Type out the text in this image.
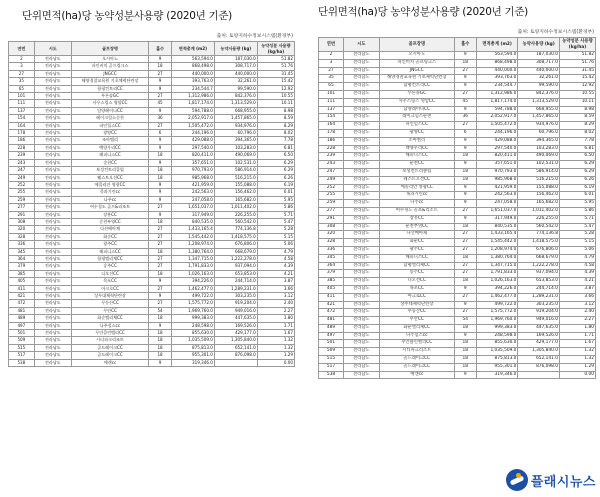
단위면적(ha)당 농약성분사용량 (2020년 기준)
출처: 토양지하수정보시스템(환경부)
연번	시도	골프장명	홀수	면적총계 (m2)	농약사용량 (kg)	농약성분 사용량(kg/ha)
2	전라남도	오시아노	9	563,594.0	187,030.0	51.82
3	전라남도	파인비치 골프링크스	18	868,498.0	308,717.0	51.76
27	전라남도	JNGCC	27	440,000.0	440,000.0	31.45
35	전라남도	해양경찰교육원 기초체력단련장	9	393,763.0	32,261.0	15.42
65	전라남도	함평컨트리CC	9	234,544.7	99,590.0	12.92
101	전라남도	푸른솔GC	27	1,312,986.0	842,376.0	10.55
111	전라남도	사우스링스 영암CC	45	1,817,174.0	1,313,529.0	10.11
137	전라남도	담양레이나CC	9	594,788.0	668,955.0	8.98
154	전라남도	레이크힐스순천	36	2,052,917.0	1,457,865.0	8.59
164	전라남도	파인힐스CC	27	1,505,472.0	934,976.0	8.29
178	전라남도	광양CC	6	244,196.0	60,796.0	8.02
186	전라남도	조아밸리	9	429,088.0	394,365.0	7.78
228	전라남도	백양우리CC	9	297,540.0	103,283.0	6.81
239	전라남도	해피니스CC	18	820,411.0	490,069.0	6.50
243	전라남도	순천CC	9	357,651.0	102,531.0	6.29
247	전라남도	보성컨트리클럽	18	970,793.0	586,914.0	6.29
249	전라남도	웨스트오션CC	18	985,968.0	516,215.0	6.26
252	전라남도	에콜리안 영광CC	9	421,959.0	155,088.0	6.19
255	전라남도	목과기린cc	9	242,563.0	156,462.0	6.01
259	전라남도	나주cc	9	247,058.0	165,682.0	5.95
277	전라남도	여수경도 골프&리조트	27	1,651,037.0	1,011,402.0	5.86
291	전라남도	장흥CC	9	317,949.0	226,255.0	5.71
308	전라남도	순천부영CC	18	840,535.0	560,542.0	5.47
320	전라남도	다산베아채	27	1,433,165.4	774,136.8	5.28
328	전라남도	화순CC	27	1,545,442.0	1,418,575.0	5.15
336	전라남도	광주CC	27	1,208,974.0	676,806.0	5.06
345	전라남도	해피니스CC	18	1,380,764.0	668,679.0	4.79
364	전라남도	함평엘리체CC	27	1,347,715.0	1,222,278.0	4.58
379	전라남도	승주CC	27	1,791,833.0	937,094.0	4.39
385	전라남도	디오션CC	18	1,026,163.0	653,853.0	4.21
405	전라남도	목포CC	9	394,226.0	244,714.0	3.87
411	전라남도	아크로CC	27	1,462,477.0	1,289,231.0	3.66
421	전라남도	상무대체력단련장	9	499,722.0	303,235.0	3.12
472	전라남도	무등산CC	27	1,575,772.0	919,204.0	2.40
481	전라남도	무안CC	54	1,969,760.0	949,016.0	2.27
489	전라남도	화순엘리체CC	18	999,383.0	447,635.0	1.80
497	전라남도	나주힐스cc	9	248,598.0	169,526.0	1.71
501	전라남도	무안클린밸리CC	18	855,630.0	429,177.0	1.67
509	전라남도	시티파크리조트	18	1,035,509.0	1,305,840.0	1.32
515	전라남도	골드레이크CC	18	875,813.0	652,141.0	1.32
517	전라남도	골드레이크CC	18	955,301.0	876,098.0	1.29
538	전라남도	예캔cc	9	319,346.0		0.00
단위면적(ha)당 농약성분사용량 (2020년 기준)
출처: 토양지하수정보시스템(환경부)
연번	시도	골프장명	홀수	면적총계 (m2)	농약사용량 (kg)	농약성분 사용량(kg/ha)
2	전라남도	오시아노	9	563,594.0	187,030.0	51.82
3	전라남도	파인비치 골프링크스	18	868,498.0	308,717.0	51.76
27	전라남도	JNGCC	27	440,000.0	440,000.0	31.45
35	전라남도	해양경찰교육원 기초체력단련장	9	393,763.0	32,261.0	15.42
65	전라남도	함평컨트리CC	9	234,544.7	99,590.0	12.92
101	전라남도	푸른솔GC	27	1,312,986.0	842,376.0	10.55
111	전라남도	사우스링스 영암CC	45	1,817,174.0	1,313,529.0	10.11
137	전라남도	담양레이나CC	9	594,788.0	668,955.0	8.98
154	전라남도	레이크힐스순천	36	2,052,917.0	1,457,865.0	8.59
164	전라남도	파인힐스CC	27	1,505,472.0	934,976.0	8.29
178	전라남도	광양CC	6	244,196.0	60,796.0	8.02
186	전라남도	조아밸리	9	429,088.0	394,365.0	7.78
228	전라남도	백양우리CC	9	297,540.0	103,283.0	6.81
239	전라남도	해피니스CC	18	820,411.0	490,069.0	6.50
243	전라남도	순천CC	9	357,651.0	102,531.0	6.29
247	전라남도	보성컨트리클럽	18	970,793.0	586,914.0	6.29
249	전라남도	웨스트오션CC	18	985,968.0	516,215.0	6.26
252	전라남도	에콜리안 영광CC	9	421,959.0	155,088.0	6.19
255	전라남도	목과기린cc	9	242,563.0	156,462.0	6.01
259	전라남도	나주cc	9	247,058.0	165,682.0	5.95
277	전라남도	여수경도 골프&리조트	27	1,651,037.0	1,011,402.0	5.86
291	전라남도	장흥CC	9	317,949.0	226,255.0	5.71
308	전라남도	순천부영CC	18	840,535.0	560,542.0	5.47
320	전라남도	다산베아채	27	1,433,165.4	774,136.8	5.28
328	전라남도	화순CC	27	1,545,442.0	1,418,575.0	5.15
336	전라남도	광주CC	27	1,208,974.0	676,806.0	5.06
345	전라남도	해피니스CC	18	1,380,764.0	668,679.0	4.79
364	전라남도	함평엘리체CC	27	1,347,715.0	1,222,278.0	4.58
379	전라남도	승주CC	27	1,791,833.0	937,094.0	4.39
385	전라남도	디오션CC	18	1,026,163.0	653,853.0	4.21
405	전라남도	목포CC	9	394,226.0	244,714.0	3.87
411	전라남도	아크로CC	27	1,462,477.0	1,289,231.0	3.66
421	전라남도	상무대체력단련장	9	499,722.0	303,235.0	3.12
472	전라남도	무등산CC	27	1,575,772.0	919,204.0	2.40
481	전라남도	무안CC	54	1,969,760.0	949,016.0	2.27
489	전라남도	화순엘리체CC	18	999,383.0	447,635.0	1.80
497	전라남도	나주힐스cc	9	248,598.0	169,526.0	1.71
501	전라남도	무안클린밸리CC	18	855,630.0	429,177.0	1.67
509	전라남도	시티파크리조트	18	1,035,509.0	1,305,840.0	1.32
515	전라남도	골드레이크CC	18	875,813.0	652,141.0	1.32
517	전라남도	골드레이크CC	18	955,301.0	876,098.0	1.29
538	전라남도	예캔cc	9	319,346.0		0.00
플래시뉴스
